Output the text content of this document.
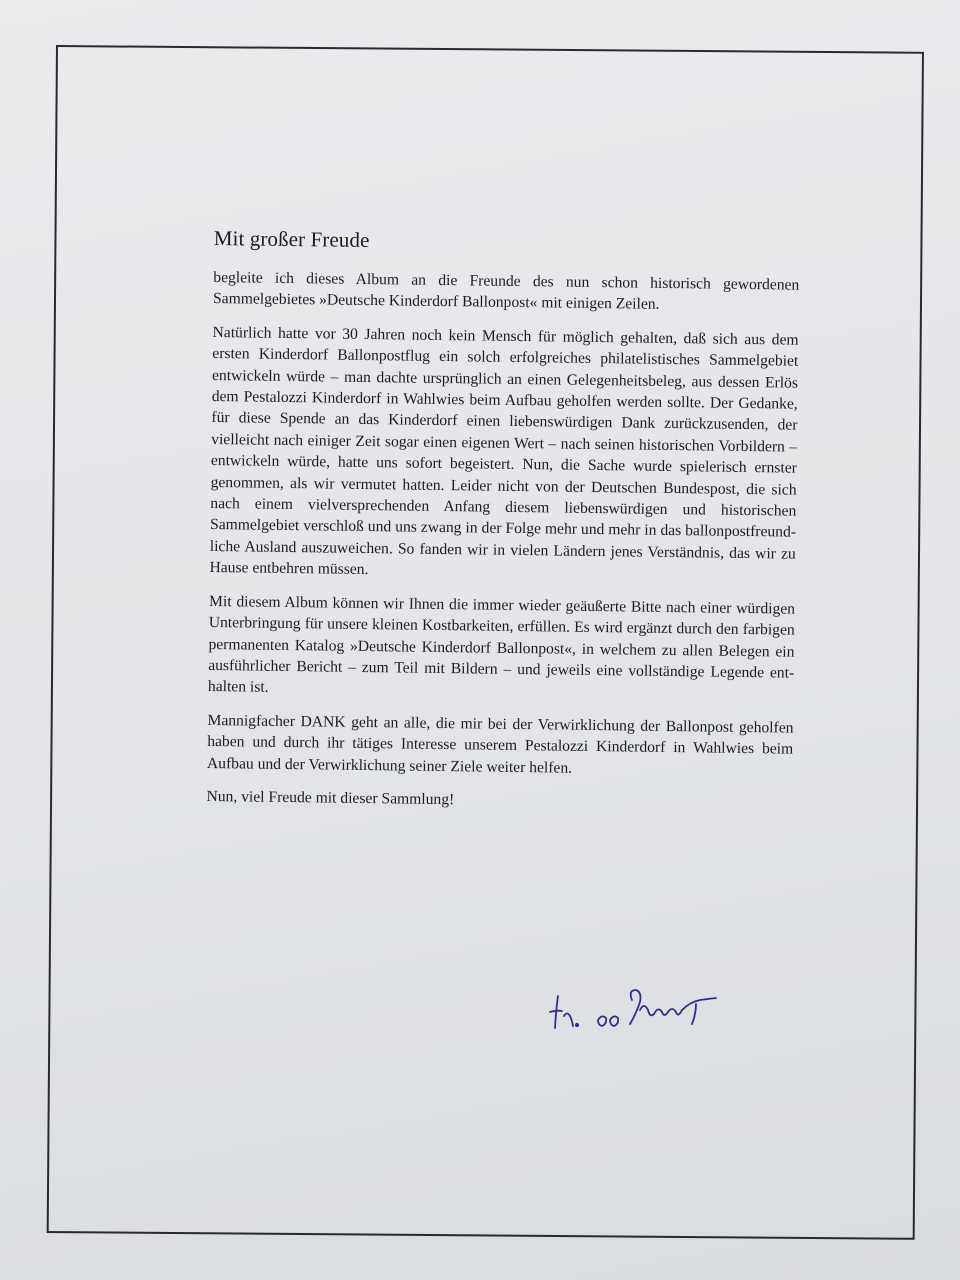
Mit großer Freude

begleite ich dieses Album an die Freunde des nun schon historisch gewordenen Sammelgebietes »Deutsche Kinderdorf Ballonpost« mit einigen Zeilen.

Natürlich hatte vor 30 Jahren noch kein Mensch für möglich gehalten, daß sich aus dem ersten Kinderdorf Ballonpostflug ein solch erfolgreiches philatelistisches Sammelgebiet entwickeln würde – man dachte ursprünglich an einen Gelegenheitsbeleg, aus dessen Erlös dem Pestalozzi Kinderdorf in Wahlwies beim Aufbau geholfen werden sollte. Der Gedanke, für diese Spende an das Kinderdorf einen liebenswürdigen Dank zurückzusenden, der vielleicht nach einiger Zeit sogar einen eigenen Wert – nach seinen historischen Vorbildern – entwickeln würde, hatte uns sofort begeistert. Nun, die Sache wurde spielerisch ernster genommen, als wir vermutet hatten. Leider nicht von der Deutschen Bundespost, die sich nach einem vielversprechenden Anfang diesem liebenswürdigen und historischen Sammelgebiet verschloß und uns zwang in der Folge mehr und mehr in das ballonpostfreundliche Ausland auszuweichen. So fanden wir in vielen Ländern jenes Verständnis, das wir zu Hause entbehren müssen.

Mit diesem Album können wir Ihnen die immer wieder geäußerte Bitte nach einer würdigen Unterbringung für unsere kleinen Kostbarkeiten, erfüllen. Es wird ergänzt durch den farbigen permanenten Katalog »Deutsche Kinderdorf Ballonpost«, in welchem zu allen Belegen ein ausführlicher Bericht – zum Teil mit Bildern – und jeweils eine vollständige Legende enthalten ist.

Mannigfacher DANK geht an alle, die mir bei der Verwirklichung der Ballonpost geholfen haben und durch ihr tätiges Interesse unserem Pestalozzi Kinderdorf in Wahlwies beim Aufbau und der Verwirklichung seiner Ziele weiter helfen.

Nun, viel Freude mit dieser Sammlung!
